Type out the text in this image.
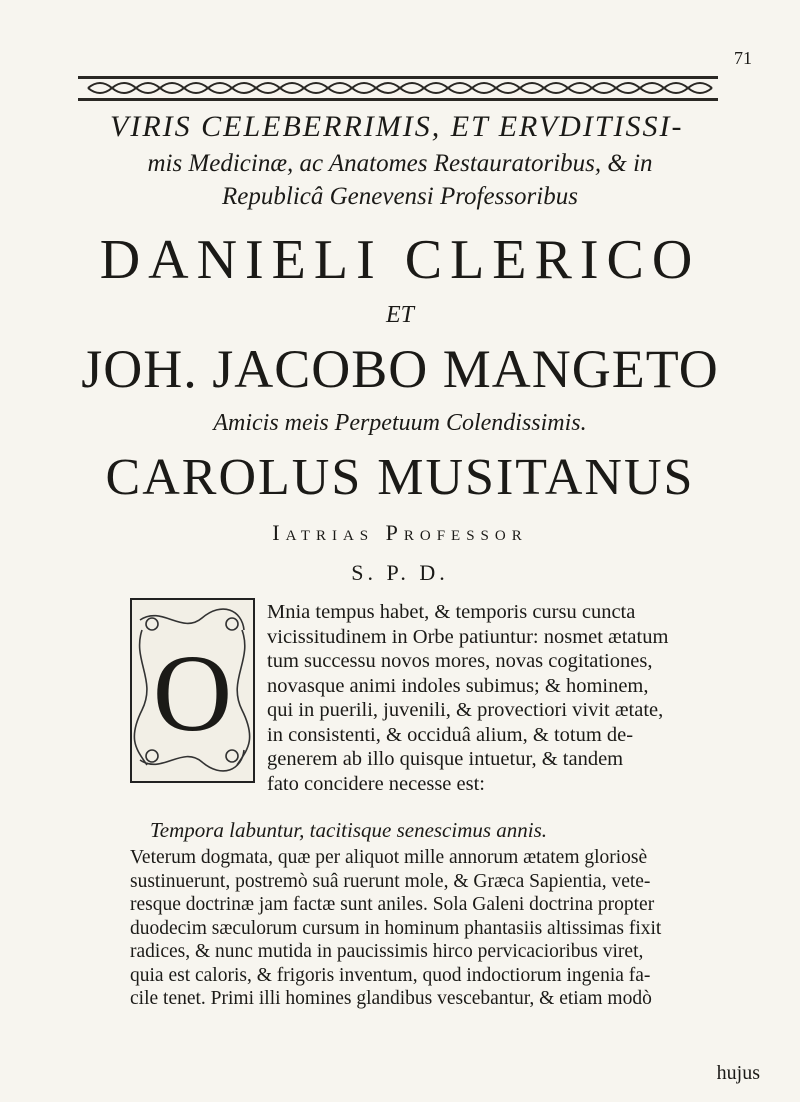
71
VIRIS CELEBERRIMIS, ET ERVDITISSI-
mis Medicinæ, ac Anatomes Restauratoribus, & in
Republicâ Genevensi Professoribus
DANIELI CLERICO
ET
JOH. JACOBO MANGETO
Amicis meis Perpetuum Colendissimis.
CAROLUS MUSITANUS
Iatrias Professor
S. P. D.
O
Mnia tempus habet, & temporis cursu cuncta
vicissitudinem in Orbe patiuntur: nosmet ætatum
tum successu novos mores, novas cogitationes,
novasque animi indoles subimus; & hominem,
qui in puerili, juvenili, & provectiori vivit ætate,
in consistenti, & occiduâ alium, & totum de-
generem ab illo quisque intuetur, & tandem
fato concidere necesse est:
Tempora labuntur, tacitisque senescimus annis.
Veterum dogmata, quæ per aliquot mille annorum ætatem gloriosè
sustinuerunt, postremò suâ ruerunt mole, & Græca Sapientia, vete-
resque doctrinæ jam factæ sunt aniles. Sola Galeni doctrina propter
duodecim sæculorum cursum in hominum phantasiis altissimas fixit
radices, & nunc mutida in paucissimis hirco pervicacioribus viret,
quia est caloris, & frigoris inventum, quod indoctiorum ingenia fa-
cile tenet. Primi illi homines glandibus vescebantur, & etiam modò
hujus
